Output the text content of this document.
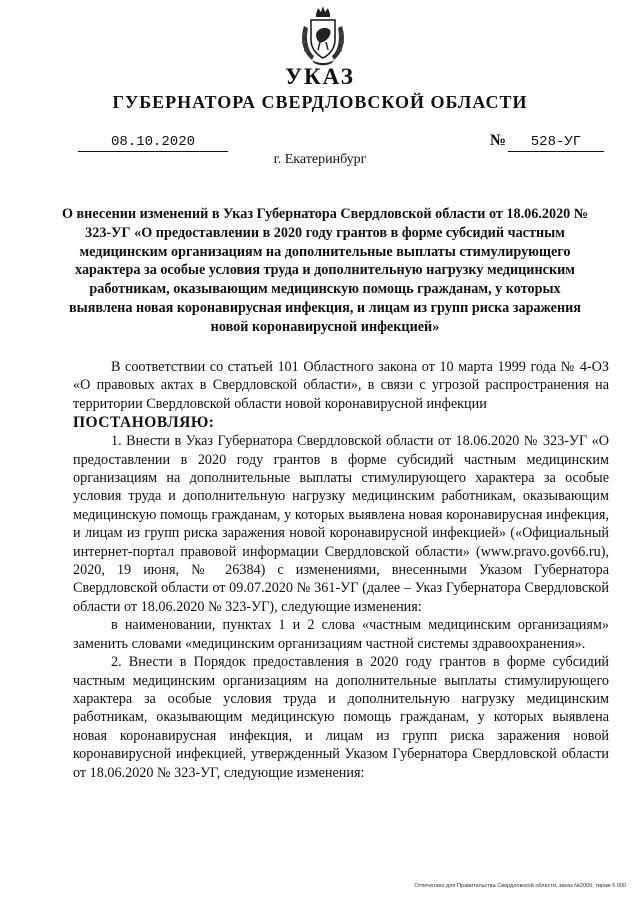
УКАЗ
ГУБЕРНАТОРА СВЕРДЛОВСКОЙ ОБЛАСТИ
08.10.2020	№	528-УГ
г. Екатеринбург
О внесении изменений в Указ Губернатора Свердловской области от 18.06.2020 № 323-УГ «О предоставлении в 2020 году грантов в форме субсидий частным медицинским организациям на дополнительные выплаты стимулирующего характера за особые условия труда и дополнительную нагрузку медицинским работникам, оказывающим медицинскую помощь гражданам, у которых выявлена новая коронавирусная инфекция, и лицам из групп риска заражения новой коронавирусной инфекцией»

В соответствии со статьей 101 Областного закона от 10 марта 1999 года № 4-ОЗ «О правовых актах в Свердловской области», в связи с угрозой распространения на территории Свердловской области новой коронавирусной инфекции

ПОСТАНОВЛЯЮ:

1. Внести в Указ Губернатора Свердловской области от 18.06.2020 № 323-УГ «О предоставлении в 2020 году грантов в форме субсидий частным медицинским организациям на дополнительные выплаты стимулирующего характера за особые условия труда и дополнительную нагрузку медицинским работникам, оказывающим медицинскую помощь гражданам, у которых выявлена новая коронавирусная инфекция, и лицам из групп риска заражения новой коронавирусной инфекцией» («Официальный интернет-портал правовой информации Свердловской области» (www.pravo.gov66.ru), 2020, 19 июня, № 26384) с изменениями, внесенными Указом Губернатора Свердловской области от 09.07.2020 № 361-УГ (далее – Указ Губернатора Свердловской области от 18.06.2020 № 323-УГ), следующие изменения:

в наименовании, пунктах 1 и 2 слова «частным медицинским организациям» заменить словами «медицинским организациям частной системы здравоохранения».

2. Внести в Порядок предоставления в 2020 году грантов в форме субсидий частным медицинским организациям на дополнительные выплаты стимулирующего характера за особые условия труда и дополнительную нагрузку медицинским работникам, оказывающим медицинскую помощь гражданам, у которых выявлена новая коронавирусная инфекция, и лицам из групп риска заражения новой коронавирусной инфекцией, утвержденный Указом Губернатора Свердловской области от 18.06.2020 № 323-УГ, следующие изменения:

Отпечатано для Правительства Свердловской области, заказ №2006, тираж 6 000
